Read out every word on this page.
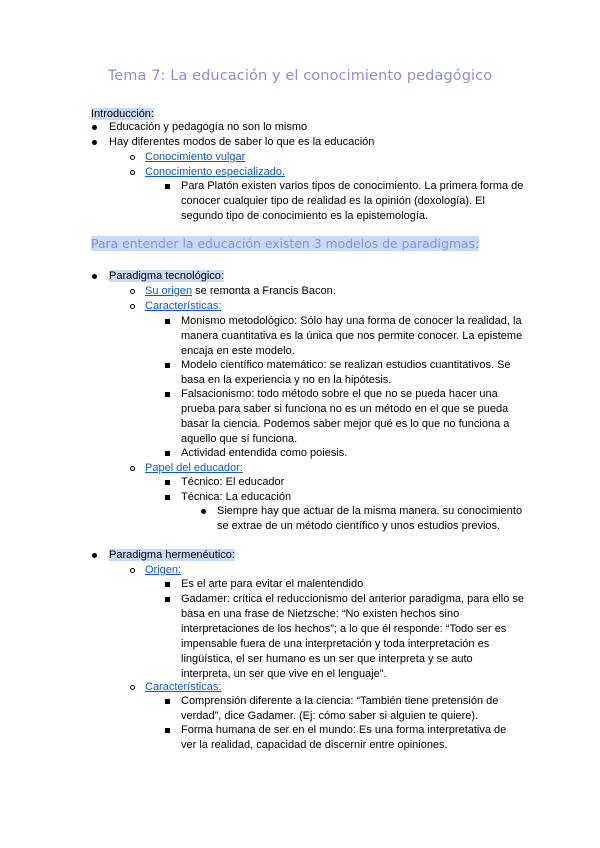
Tema 7: La educación y el conocimiento pedagógico
Introducción:
Educación y pedagogía no son lo mismo
Hay diferentes modos de saber lo que es la educación
Conocimiento vulgar
Conocimiento especializado.
Para Platón existen varios tipos de conocimiento. La primera forma de
conocer cualquier tipo de realidad es la opinión (doxología). El
segundo tipo de conocimiento es la epistemología.
Para entender la educación existen 3 modelos de paradigmas:
Paradigma tecnológico:
Su origen se remonta a Francis Bacon.
Características:
Monismo metodológico: Sólo hay una forma de conocer la realidad, la
manera cuantitativa es la única que nos permite conocer. La episteme
encaja en este modelo.
Modelo científico matemático: se realizan estudios cuantitativos. Se
basa en la experiencia y no en la hipótesis.
Falsacionismo: todo método sobre el que no se pueda hacer una
prueba para saber si funciona no es un método en el que se pueda
basar la ciencia. Podemos saber mejor qué es lo que no funciona a
aquello que sí funciona.
Actividad entendida como poiesis.
Papel del educador:
Técnico: El educador
Técnica: La educación
Siempre hay que actuar de la misma manera. su conocimiento
se extrae de un método científico y unos estudios previos.
Paradigma hermenéutico:
Origen:
Es el arte para evitar el malentendido
Gadamer: crítica el reduccionismo del anterior paradigma, para ello se
basa en una frase de Nietzsche: “No existen hechos sino
interpretaciones de los hechos”; a lo que él responde: “Todo ser es
impensable fuera de una interpretación y toda interpretación es
lingüística, el ser humano es un ser que interpreta y se auto
interpreta, un ser que vive en el lenguaje”.
Características:
Comprensión diferente a la ciencia: “También tiene pretensión de
verdad”, dice Gadamer. (Ej: cómo saber si alguien te quiere).
Forma humana de ser en el mundo: Es una forma interpretativa de
ver la realidad, capacidad de discernir entre opiniones.
